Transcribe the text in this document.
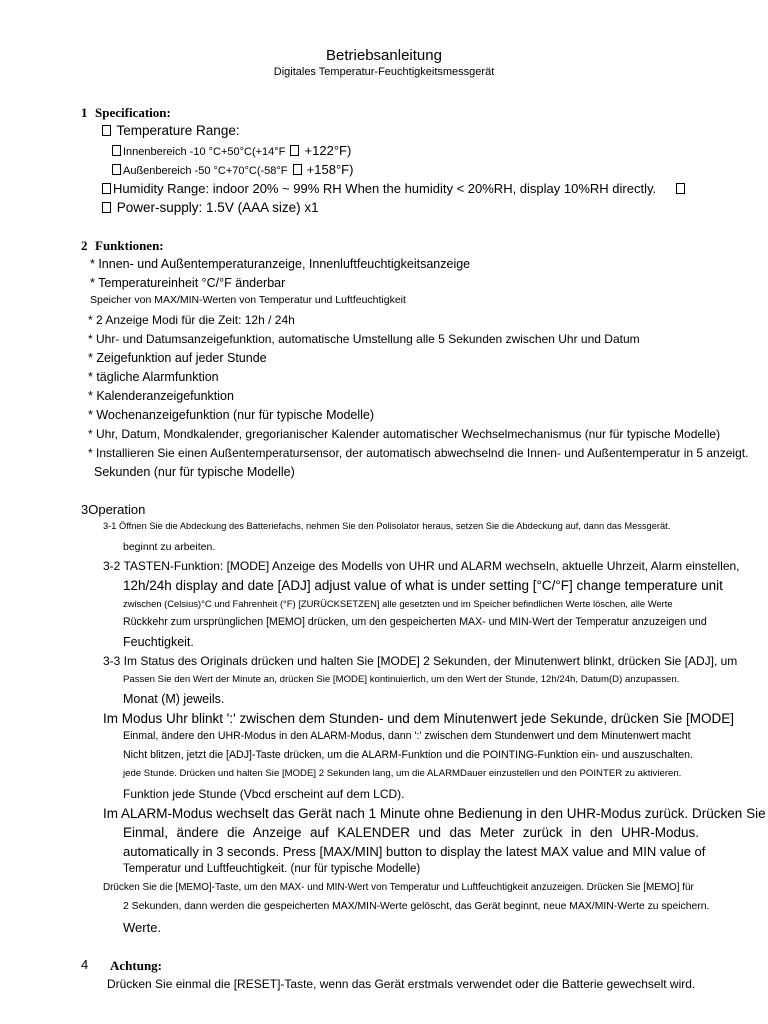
Betriebsanleitung
Digitales Temperatur-Feuchtigkeitsmessgerät
1 Specification:
Temperature Range:
Innenbereich -10 °C+50°C(+14°F +122°F)
Außenbereich -50 °C+70°C(-58°F +158°F)
Humidity Range: indoor 20% ~ 99% RH When the humidity < 20%RH, display 10%RH directly.
Power-supply: 1.5V (AAA size) x1
2 Funktionen:
* Innen- und Außentemperaturanzeige, Innenluftfeuchtigkeitsanzeige
* Temperatureinheit °C/°F änderbar
Speicher von MAX/MIN-Werten von Temperatur und Luftfeuchtigkeit
* 2 Anzeige Modi für die Zeit: 12h / 24h
* Uhr- und Datumsanzeigefunktion, automatische Umstellung alle 5 Sekunden zwischen Uhr und Datum
* Zeigefunktion auf jeder Stunde
* tägliche Alarmfunktion
* Kalenderanzeigefunktion
* Wochenanzeigefunktion (nur für typische Modelle)
* Uhr, Datum, Mondkalender, gregorianischer Kalender automatischer Wechselmechanismus (nur für typische Modelle)
* Installieren Sie einen Außentemperatursensor, der automatisch abwechselnd die Innen- und Außentemperatur in 5 anzeigt.
Sekunden (nur für typische Modelle)
3Operation
3-1 Öffnen Sie die Abdeckung des Batteriefachs, nehmen Sie den Polisolator heraus, setzen Sie die Abdeckung auf, dann das Messgerät.
beginnt zu arbeiten.
3-2 TASTEN-Funktion: [MODE] Anzeige des Modells von UHR und ALARM wechseln, aktuelle Uhrzeit, Alarm einstellen,
12h/24h display and date [ADJ] adjust value of what is under setting [°C/°F] change temperature unit
zwischen (Celsius)°C und Fahrenheit (°F) [ZURÜCKSETZEN] alle gesetzten und im Speicher befindlichen Werte löschen, alle Werte
Rückkehr zum ursprünglichen [MEMO] drücken, um den gespeicherten MAX- und MIN-Wert der Temperatur anzuzeigen und
Feuchtigkeit.
3-3 Im Status des Originals drücken und halten Sie [MODE] 2 Sekunden, der Minutenwert blinkt, drücken Sie [ADJ], um
Passen Sie den Wert der Minute an, drücken Sie [MODE] kontinuierlich, um den Wert der Stunde, 12h/24h, Datum(D) anzupassen.
Monat (M) jeweils.
Im Modus Uhr blinkt ':' zwischen dem Stunden- und dem Minutenwert jede Sekunde, drücken Sie [MODE]
Einmal, ändere den UHR-Modus in den ALARM-Modus, dann ':' zwischen dem Stundenwert und dem Minutenwert macht
Nicht blitzen, jetzt die [ADJ]-Taste drücken, um die ALARM-Funktion und die POINTING-Funktion ein- und auszuschalten.
jede Stunde. Drücken und halten Sie [MODE] 2 Sekunden lang, um die ALARMDauer einzustellen und den POINTER zu aktivieren.
Funktion jede Stunde (Vbcd erscheint auf dem LCD).
Im ALARM-Modus wechselt das Gerät nach 1 Minute ohne Bedienung in den UHR-Modus zurück. Drücken Sie
Einmal, ändere die Anzeige auf KALENDER und das Meter zurück in den UHR-Modus.
automatically in 3 seconds. Press [MAX/MIN] button to display the latest MAX value and MIN value of
Temperatur und Luftfeuchtigkeit. (nur für typische Modelle)
Drücken Sie die [MEMO]-Taste, um den MAX- und MIN-Wert von Temperatur und Luftfeuchtigkeit anzuzeigen. Drücken Sie [MEMO] für
2 Sekunden, dann werden die gespeicherten MAX/MIN-Werte gelöscht, das Gerät beginnt, neue MAX/MIN-Werte zu speichern.
Werte.
4 Achtung:
Drücken Sie einmal die [RESET]-Taste, wenn das Gerät erstmals verwendet oder die Batterie gewechselt wird.
